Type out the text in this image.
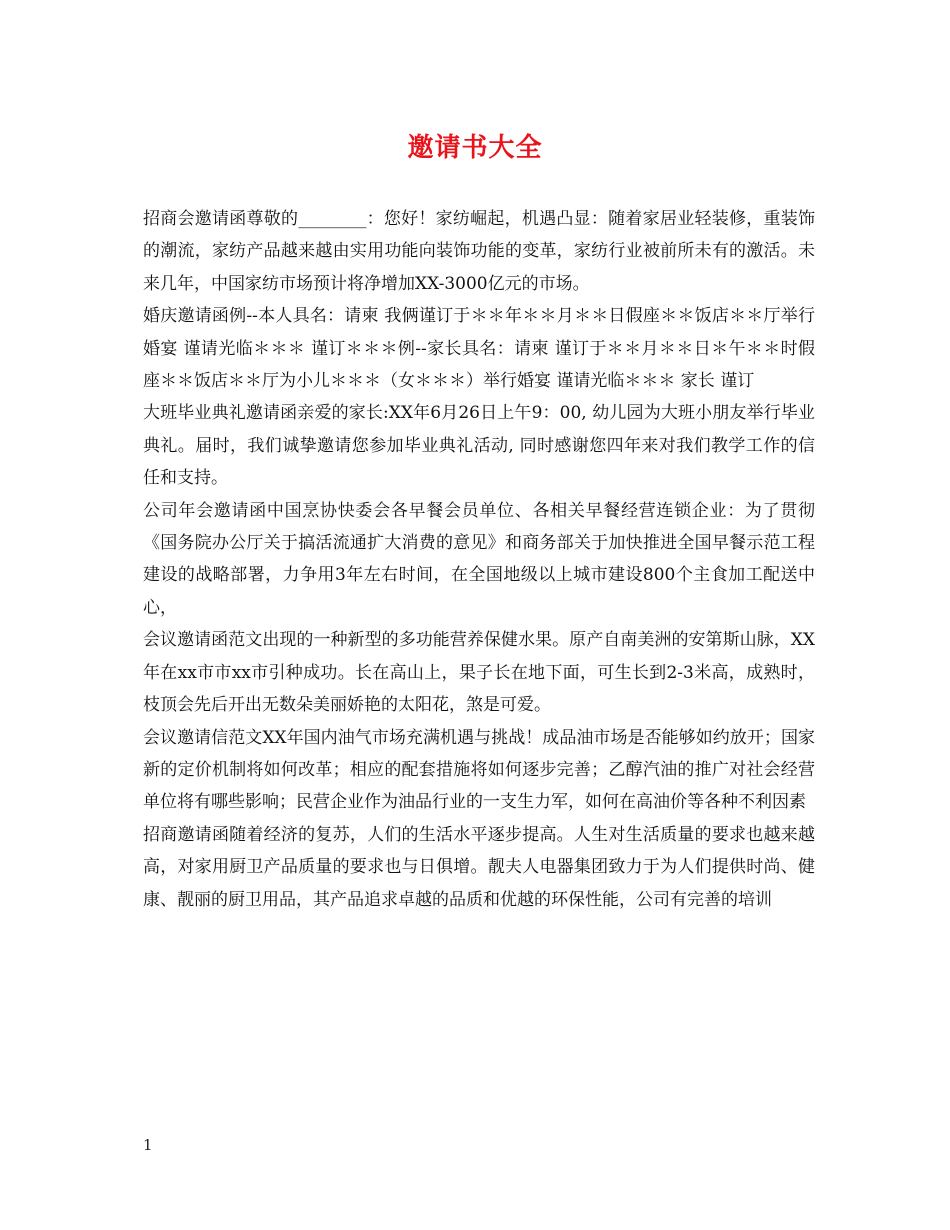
邀请书大全

招商会邀请函尊敬的________：您好！家纺崛起，机遇凸显：随着家居业轻装修，重装饰的潮流，家纺产品越来越由实用功能向装饰功能的变革，家纺行业被前所未有的激活。未来几年，中国家纺市场预计将净增加XX-3000亿元的市场。

婚庆邀请函例--本人具名：请柬 我俩谨订于＊＊年＊＊月＊＊日假座＊＊饭店＊＊厅举行婚宴 谨请光临＊＊＊ 谨订＊＊＊例--家长具名：请柬 谨订于＊＊月＊＊日＊午＊＊时假座＊＊饭店＊＊厅为小儿＊＊＊（女＊＊＊）举行婚宴 谨请光临＊＊＊ 家长 谨订

大班毕业典礼邀请函亲爱的家长:XX年6月26日上午9：00, 幼儿园为大班小朋友举行毕业典礼。届时，我们诚挚邀请您参加毕业典礼活动, 同时感谢您四年来对我们教学工作的信任和支持。

公司年会邀请函中国烹协快委会各早餐会员单位、各相关早餐经营连锁企业：为了贯彻《国务院办公厅关于搞活流通扩大消费的意见》和商务部关于加快推进全国早餐示范工程建设的战略部署，力争用3年左右时间，在全国地级以上城市建设800个主食加工配送中心，

会议邀请函范文出现的一种新型的多功能营养保健水果。原产自南美洲的安第斯山脉，XX年在xx市市xx市引种成功。长在高山上，果子长在地下面，可生长到2-3米高，成熟时，枝顶会先后开出无数朵美丽娇艳的太阳花，煞是可爱。

会议邀请信范文XX年国内油气市场充满机遇与挑战！成品油市场是否能够如约放开；国家新的定价机制将如何改革；相应的配套措施将如何逐步完善；乙醇汽油的推广对社会经营单位将有哪些影响；民营企业作为油品行业的一支生力军，如何在高油价等各种不利因素

招商邀请函随着经济的复苏，人们的生活水平逐步提高。人生对生活质量的要求也越来越高，对家用厨卫产品质量的要求也与日俱增。靓夫人电器集团致力于为人们提供时尚、健康、靓丽的厨卫用品，其产品追求卓越的品质和优越的环保性能，公司有完善的培训

1
